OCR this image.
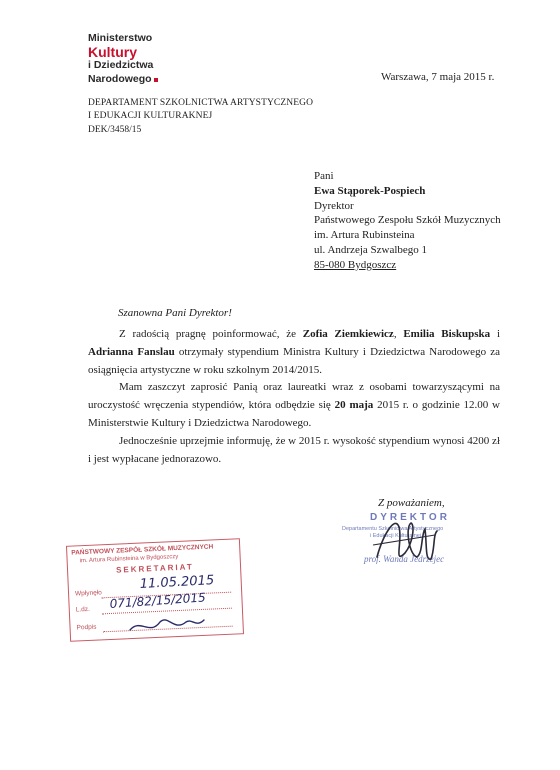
Ministerstwo
Kultury
i Dziedzictwa
Narodowego	Warszawa, 7 maja 2015 r.
DEPARTAMENT SZKOLNICTWA ARTYSTYCZNEGO
I EDUKACJI KULTURAKNEJ
DEK/3458/15
Pani
Ewa Stąporek-Pospiech
Dyrektor
Państwowego Zespołu Szkół Muzycznych
im. Artura Rubinsteina
ul. Andrzeja Szwalbego 1
85-080 Bydgoszcz
Szanowna Pani Dyrektor!

Z radością pragnę poinformować, że Zofia Ziemkiewicz, Emilia Biskupska i Adrianna Fanslau otrzymały stypendium Ministra Kultury i Dziedzictwa Narodowego za osiągnięcia artystyczne w roku szkolnym 2014/2015.

Mam zaszczyt zaprosić Panią oraz laureatki wraz z osobami towarzyszącymi na uroczystość wręczenia stypendiów, która odbędzie się 20 maja 2015 r. o godzinie 12.00 w Ministerstwie Kultury i Dziedzictwa Narodowego.

Jednocześnie uprzejmie informuję, że w 2015 r. wysokość stypendium wynosi 4200 zł i jest wypłacane jednorazowo.

Z poważaniem,
DYREKTOR
Departamentu Szkolnictwa Artystycznego
i Edukacji Kulturalnej
prof. Wanda Jedrzejec
PAŃSTWOWY ZESPÓŁ SZKÓŁ MUZYCZNYCH
im. Artura Rubinsteina w Bydgoszczy
SEKRETARIAT
Wpłynęło
L.dz.
Podpis
11.05.2015
071/82/15/2015
